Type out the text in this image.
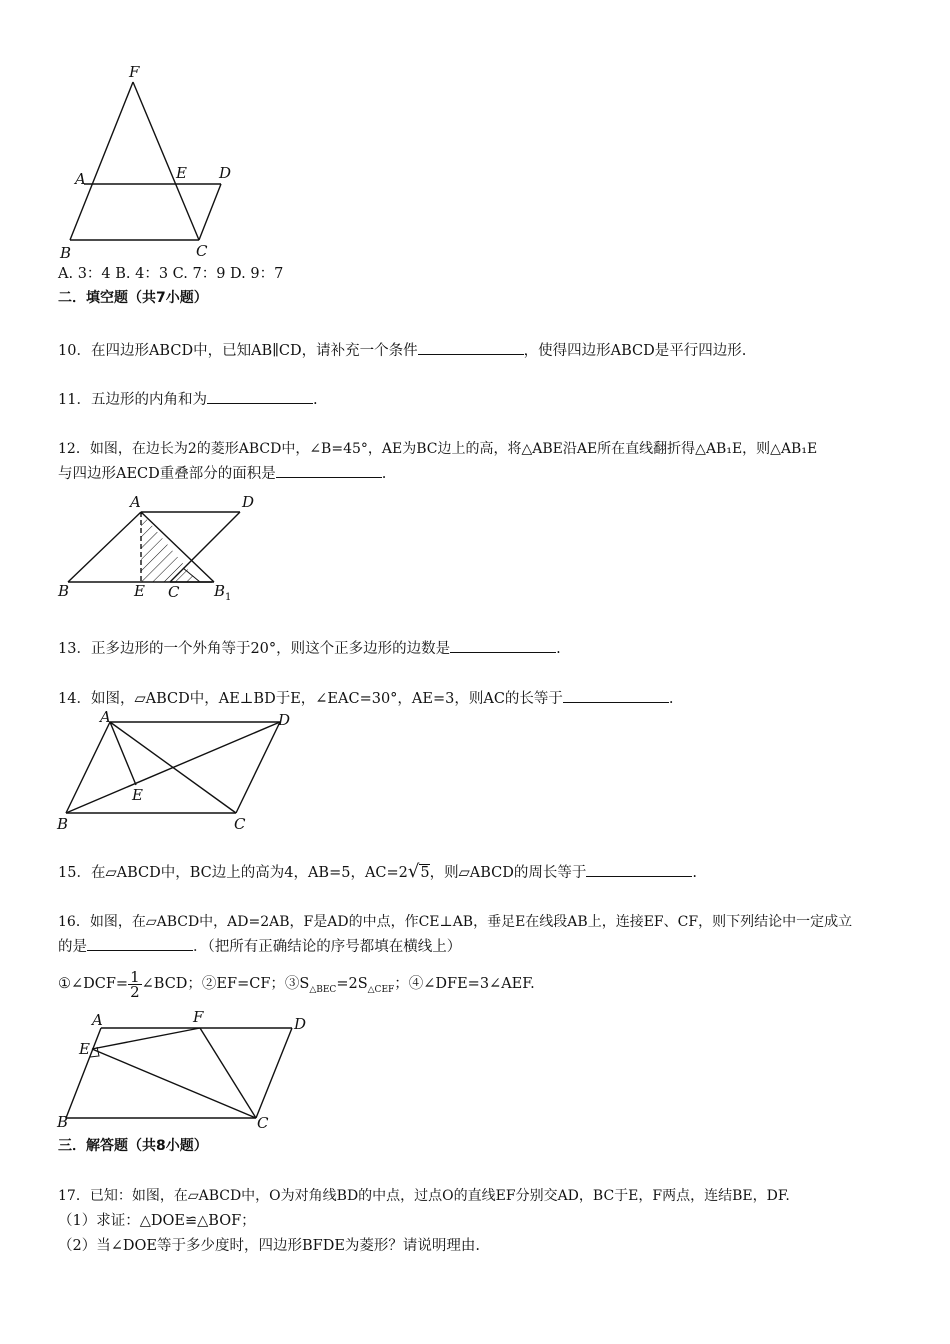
F
A	E D
B	C
A. 3：4 B. 4：3 C. 7：9 D. 9：7
二．填空题（共7小题）
10．在四边形ABCD中，已知AB∥CD，请补充一个条件	，使得四边形ABCD是平行四边形.
11．五边形的内角和为	.
12．如图，在边长为2的菱形ABCD中，∠B=45°，AE为BC边上的高，将△ABE沿AE所在直线翻折得△AB₁E，则△AB₁E
与四边形AECD重叠部分的面积是	.
A	D
B	E C B 1
13．正多边形的一个外角等于20°，则这个正多边形的边数是	.
14．如图，▱ABCD中，AE⊥BD于E，∠EAC=30°，AE=3，则AC的长等于	.
A	D
E
B	C
15．在▱ABCD中，BC边上的高为4，AB=5，AC=2√5，则▱ABCD的周长等于	.
16．如图，在▱ABCD中，AD=2AB，F是AD的中点，作CE⊥AB，垂足E在线段AB上，连接EF、CF，则下列结论中一定成立
的是	．（把所有正确结论的序号都填在横线上）
①∠DCF= $\frac{1}{2}$ ∠BCD；②EF=CF；$③S_{\triangle BEC}=2S_{\triangle CEF}$；④∠DFE=3∠AEF.
A	F	D
E
B	C
三．解答题（共8小题）
17．已知：如图，在▱ABCD中，O为对角线BD的中点，过点O的直线EF分别交AD，BC于E，F两点，连结BE，DF.
（1）求证：△DOE≌△BOF；
（2）当∠DOE等于多少度时，四边形BFDE为菱形？请说明理由.
